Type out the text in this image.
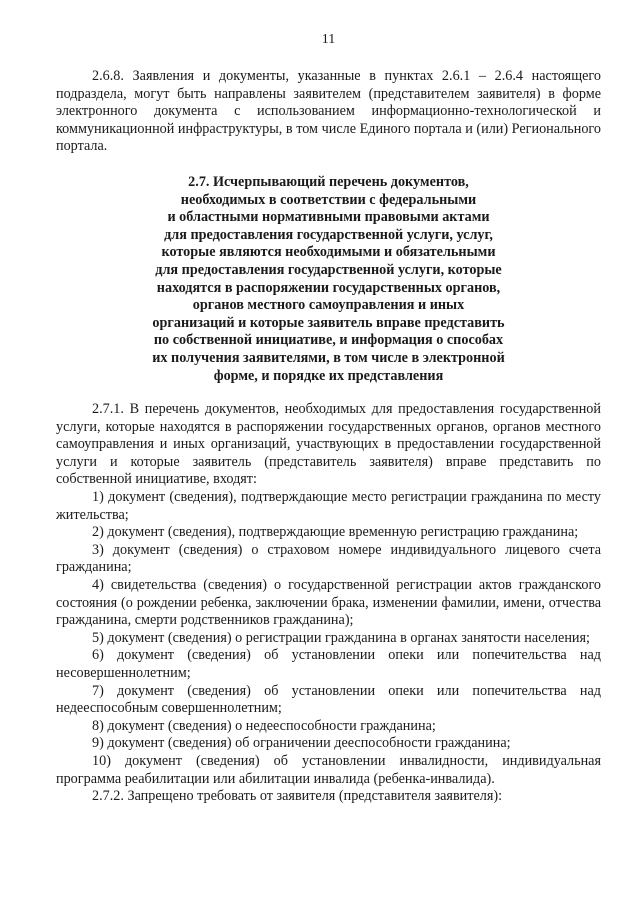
11

2.6.8. Заявления и документы, указанные в пунктах 2.6.1 – 2.6.4 настоящего подраздела, могут быть направлены заявителем (представителем заявителя) в форме электронного документа с использованием информационно-технологической и коммуникационной инфраструктуры, в том числе Единого портала и (или) Регионального портала.

2.7. Исчерпывающий перечень документов,
необходимых в соответствии с федеральными
и областными нормативными правовыми актами
для предоставления государственной услуги, услуг,
которые являются необходимыми и обязательными
для предоставления государственной услуги, которые
находятся в распоряжении государственных органов,
органов местного самоуправления и иных
организаций и которые заявитель вправе представить
по собственной инициативе, и информация о способах
их получения заявителями, в том числе в электронной
форме, и порядке их представления

2.7.1. В перечень документов, необходимых для предоставления государственной услуги, которые находятся в распоряжении государственных органов, органов местного самоуправления и иных организаций, участвующих в предоставлении государственной услуги и которые заявитель (представитель заявителя) вправе представить по собственной инициативе, входят:

1) документ (сведения), подтверждающие место регистрации гражданина по месту жительства;

2) документ (сведения), подтверждающие временную регистрацию гражданина;

3) документ (сведения) о страховом номере индивидуального лицевого счета гражданина;

4) свидетельства (сведения) о государственной регистрации актов гражданского состояния (о рождении ребенка, заключении брака, изменении фамилии, имени, отчества гражданина, смерти родственников гражданина);

5) документ (сведения) о регистрации гражданина в органах занятости населения;

6) документ (сведения) об установлении опеки или попечительства над несовершеннолетним;

7) документ (сведения) об установлении опеки или попечительства над недееспособным совершеннолетним;

8) документ (сведения) о недееспособности гражданина;

9) документ (сведения) об ограничении дееспособности гражданина;

10) документ (сведения) об установлении инвалидности, индивидуальная программа реабилитации или абилитации инвалида (ребенка-инвалида).

2.7.2. Запрещено требовать от заявителя (представителя заявителя):
